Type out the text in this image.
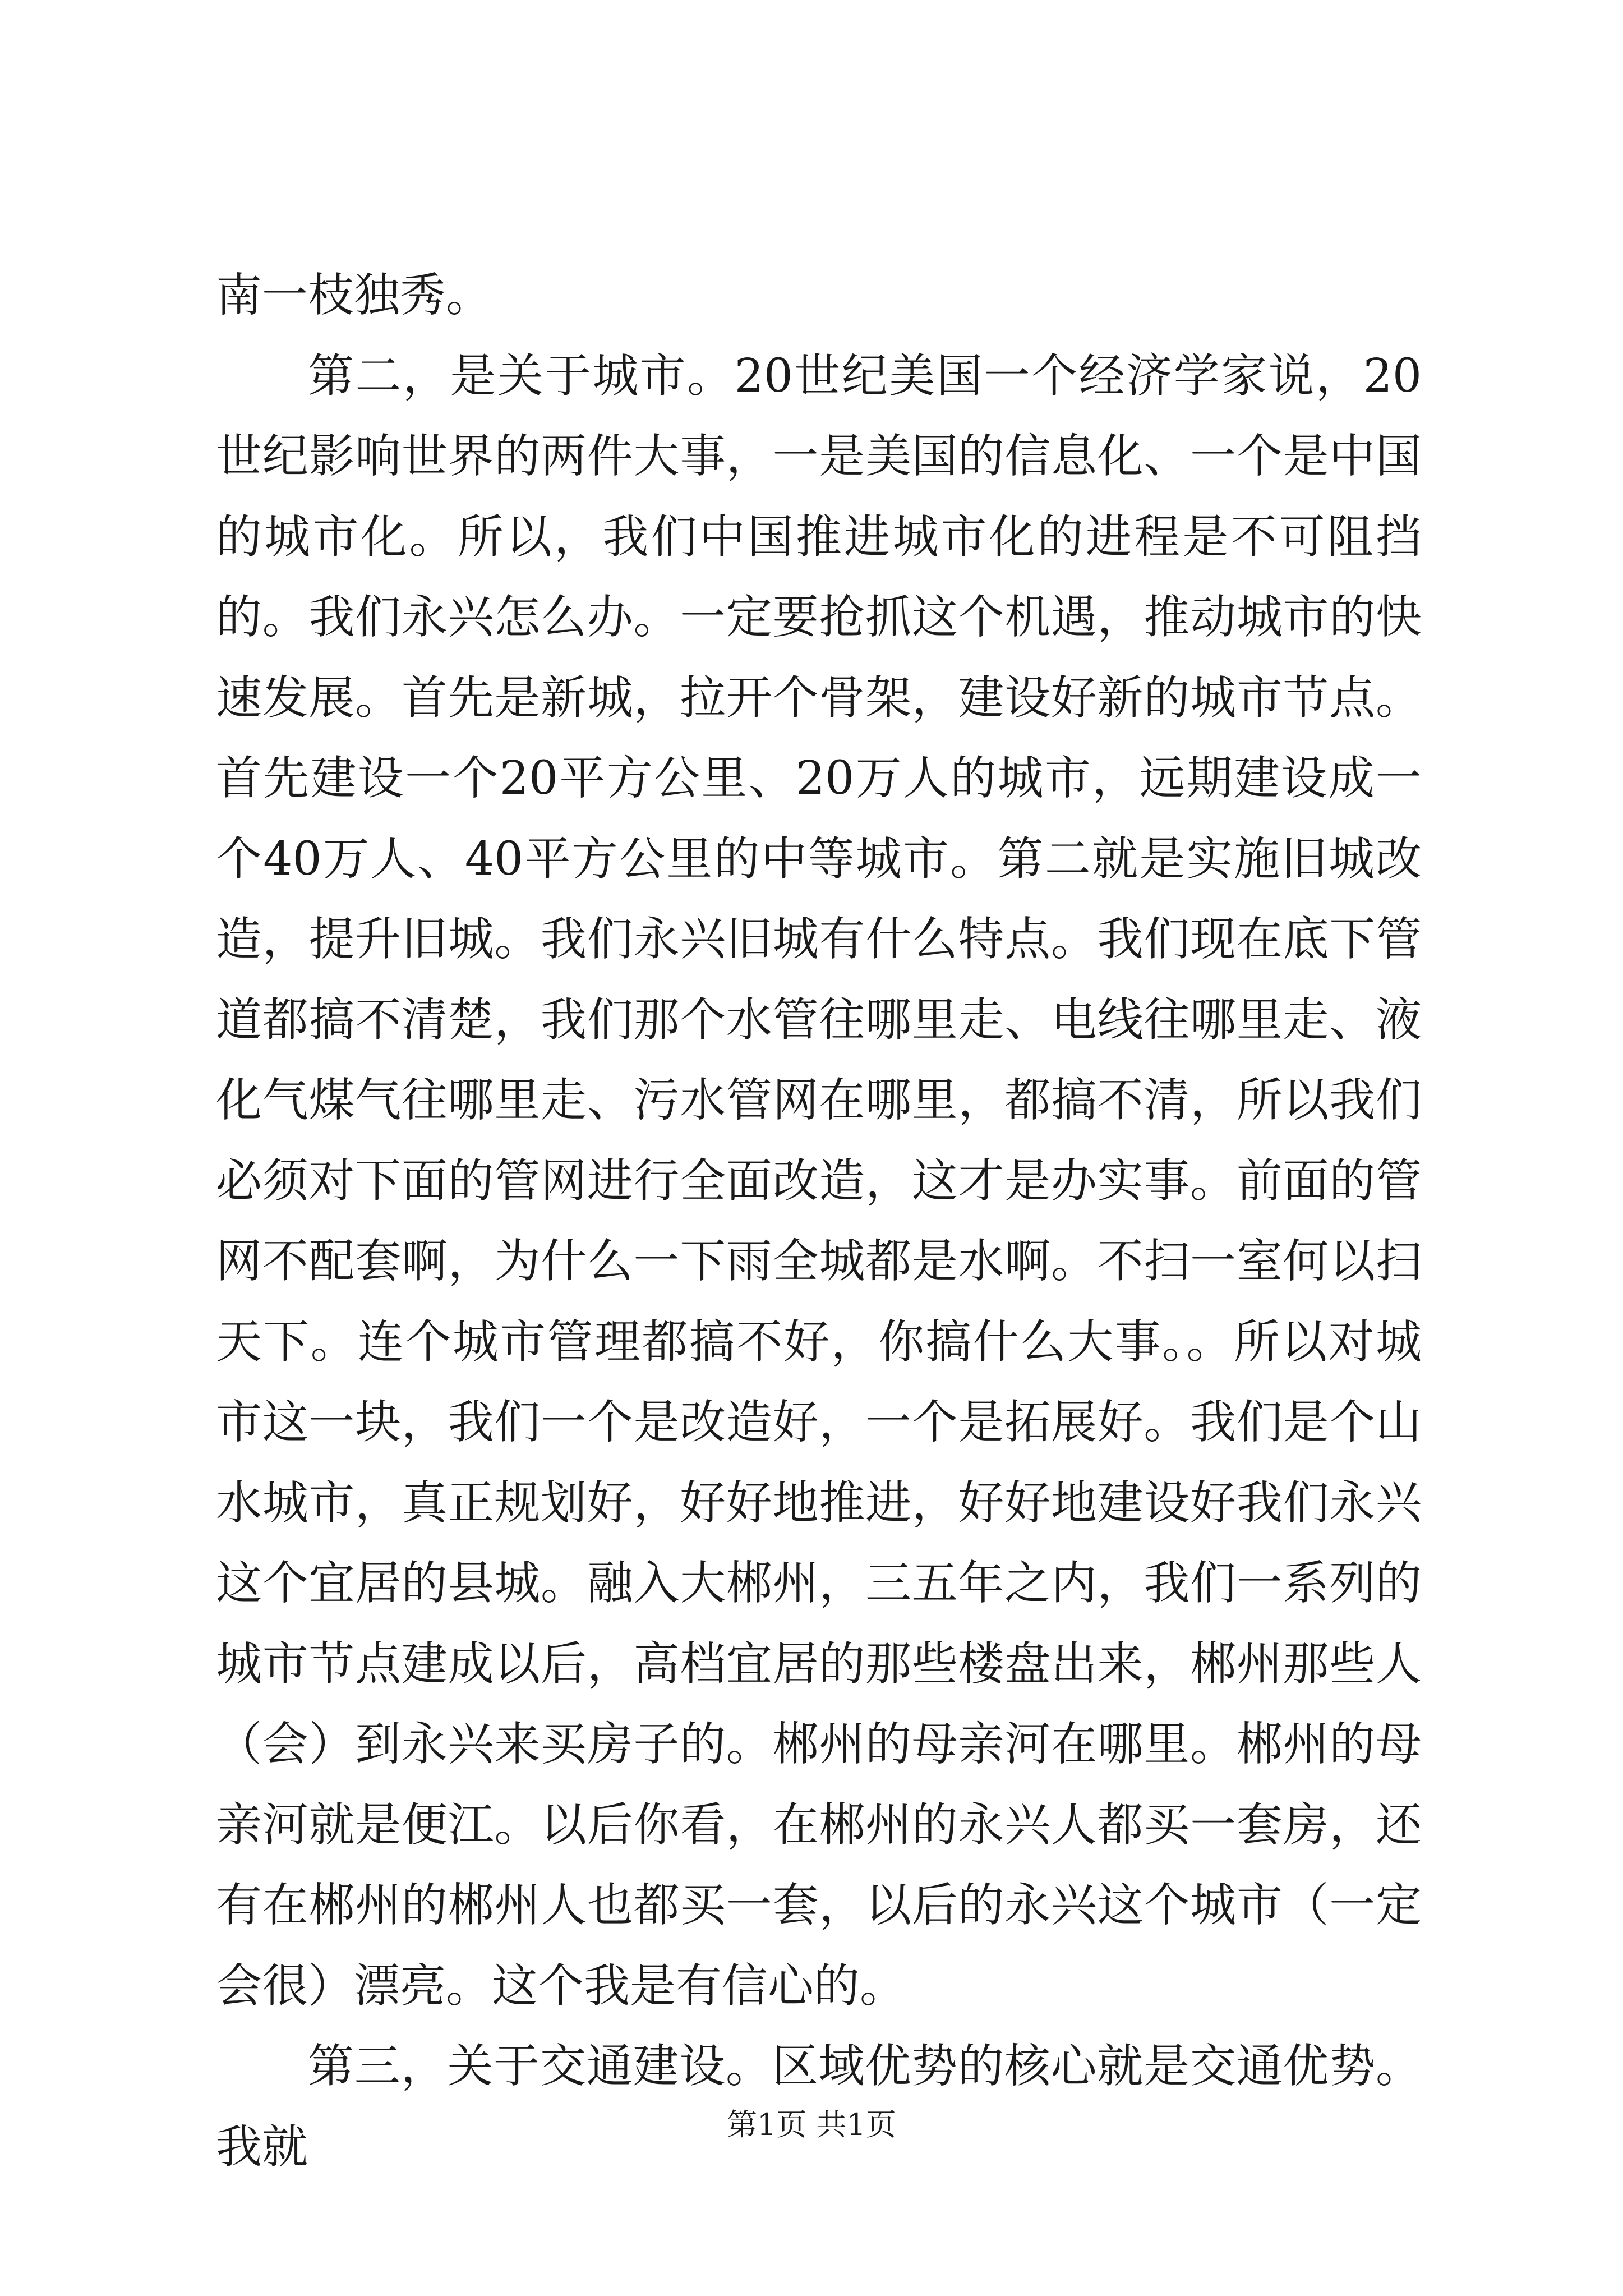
南一枝独秀。

第二，是关于城市。20世纪美国一个经济学家说，20世纪影响世界的两件大事，一是美国的信息化、一个是中国的城市化。所以，我们中国推进城市化的进程是不可阻挡的。我们永兴怎么办。一定要抢抓这个机遇，推动城市的快速发展。首先是新城，拉开个骨架，建设好新的城市节点。首先建设一个20平方公里、20万人的城市，远期建设成一个40万人、40平方公里的中等城市。第二就是实施旧城改造，提升旧城。我们永兴旧城有什么特点。我们现在底下管道都搞不清楚，我们那个水管往哪里走、电线往哪里走、液化气煤气往哪里走、污水管网在哪里，都搞不清，所以我们必须对下面的管网进行全面改造，这才是办实事。前面的管网不配套啊，为什么一下雨全城都是水啊。不扫一室何以扫天下。连个城市管理都搞不好，你搞什么大事。。所以对城市这一块，我们一个是改造好，一个是拓展好。我们是个山水城市，真正规划好，好好地推进，好好地建设好我们永兴这个宜居的县城。融入大郴州，三五年之内，我们一系列的城市节点建成以后，高档宜居的那些楼盘出来，郴州那些人（会）到永兴来买房子的。郴州的母亲河在哪里。郴州的母亲河就是便江。以后你看，在郴州的永兴人都买一套房，还有在郴州的郴州人也都买一套，以后的永兴这个城市（一定会很）漂亮。这个我是有信心的。

第三，关于交通建设。区域优势的核心就是交通优势。我就	第1页 共1页
